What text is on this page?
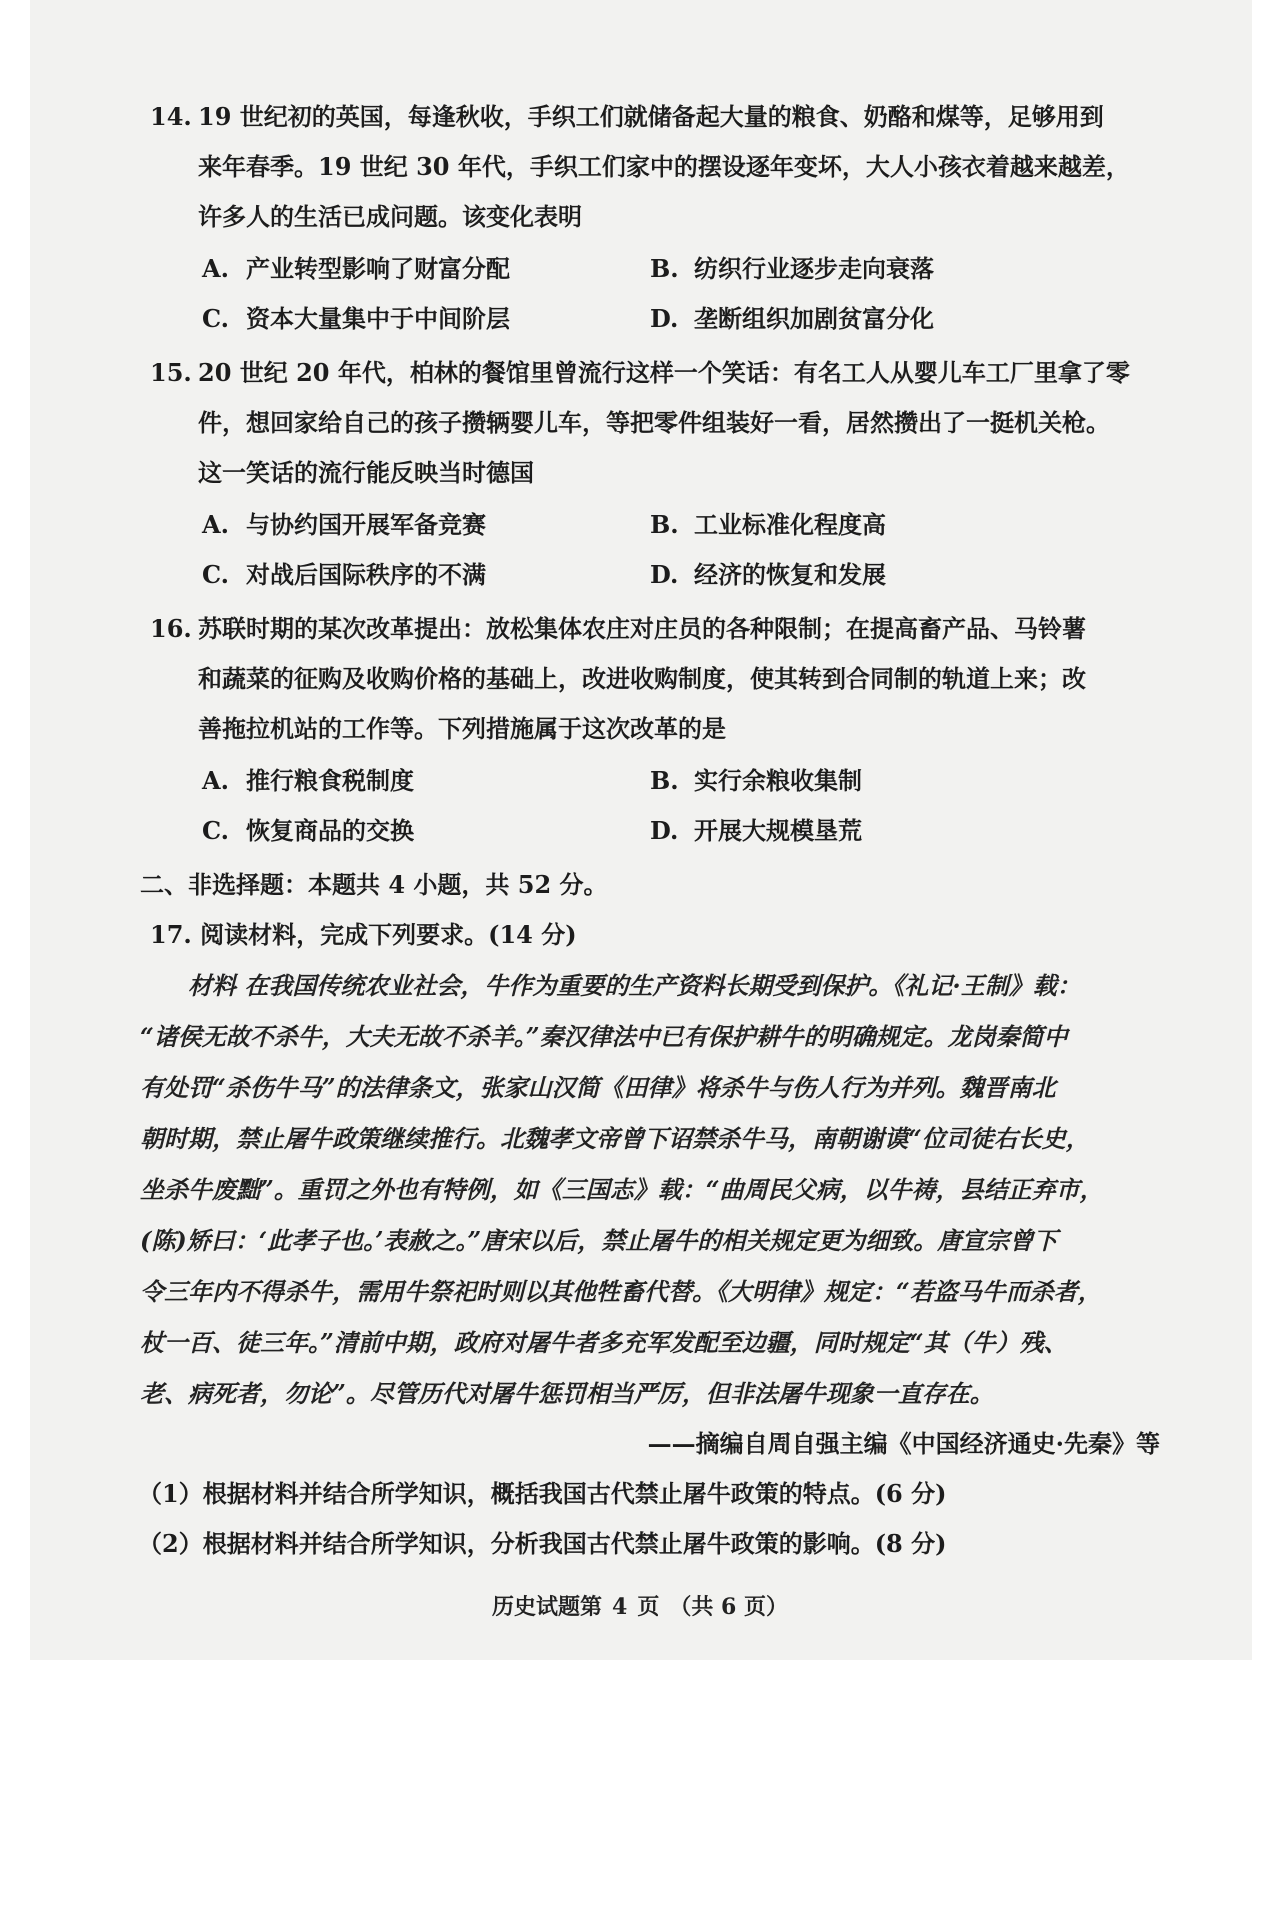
14. 19 世纪初的英国，每逢秋收，手织工们就储备起大量的粮食、奶酪和煤等，足够用到
来年春季。19 世纪 30 年代，手织工们家中的摆设逐年变坏，大人小孩衣着越来越差，
许多人的生活已成问题。该变化表明
A. 产业转型影响了财富分配	B. 纺织行业逐步走向衰落
C. 资本大量集中于中间阶层	D. 垄断组织加剧贫富分化
15. 20 世纪 20 年代，柏林的餐馆里曾流行这样一个笑话：有名工人从婴儿车工厂里拿了零
件，想回家给自己的孩子攒辆婴儿车，等把零件组装好一看，居然攒出了一挺机关枪。
这一笑话的流行能反映当时德国
A. 与协约国开展军备竞赛	B. 工业标准化程度高
C. 对战后国际秩序的不满	D. 经济的恢复和发展
16. 苏联时期的某次改革提出：放松集体农庄对庄员的各种限制；在提高畜产品、马铃薯
和蔬菜的征购及收购价格的基础上，改进收购制度，使其转到合同制的轨道上来；改
善拖拉机站的工作等。下列措施属于这次改革的是
A. 推行粮食税制度	B. 实行余粮收集制
C. 恢复商品的交换	D. 开展大规模垦荒
二、非选择题：本题共 4 小题，共 52 分。
17. 阅读材料，完成下列要求。(14 分)
材料 在我国传统农业社会，牛作为重要的生产资料长期受到保护。《礼记·王制》载：
“诸侯无故不杀牛，大夫无故不杀羊。”秦汉律法中已有保护耕牛的明确规定。龙岗秦简中
有处罚“杀伤牛马”的法律条文，张家山汉简《田律》将杀牛与伤人行为并列。魏晋南北
朝时期，禁止屠牛政策继续推行。北魏孝文帝曾下诏禁杀牛马，南朝谢谟“位司徒右长史，
坐杀牛废黜”。重罚之外也有特例，如《三国志》载：“曲周民父病，以牛祷，县结正弃市，
(陈)矫曰：‘此孝子也。’表赦之。”唐宋以后，禁止屠牛的相关规定更为细致。唐宣宗曾下
令三年内不得杀牛，需用牛祭祀时则以其他牲畜代替。《大明律》规定：“若盗马牛而杀者，
杖一百、徒三年。”清前中期，政府对屠牛者多充军发配至边疆，同时规定“其（牛）残、
老、病死者，勿论”。尽管历代对屠牛惩罚相当严厉，但非法屠牛现象一直存在。
——摘编自周自强主编《中国经济通史·先秦》等
（1）根据材料并结合所学知识，概括我国古代禁止屠牛政策的特点。(6 分)
（2）根据材料并结合所学知识，分析我国古代禁止屠牛政策的影响。(8 分)
历史试题第 4 页 （共 6 页）
